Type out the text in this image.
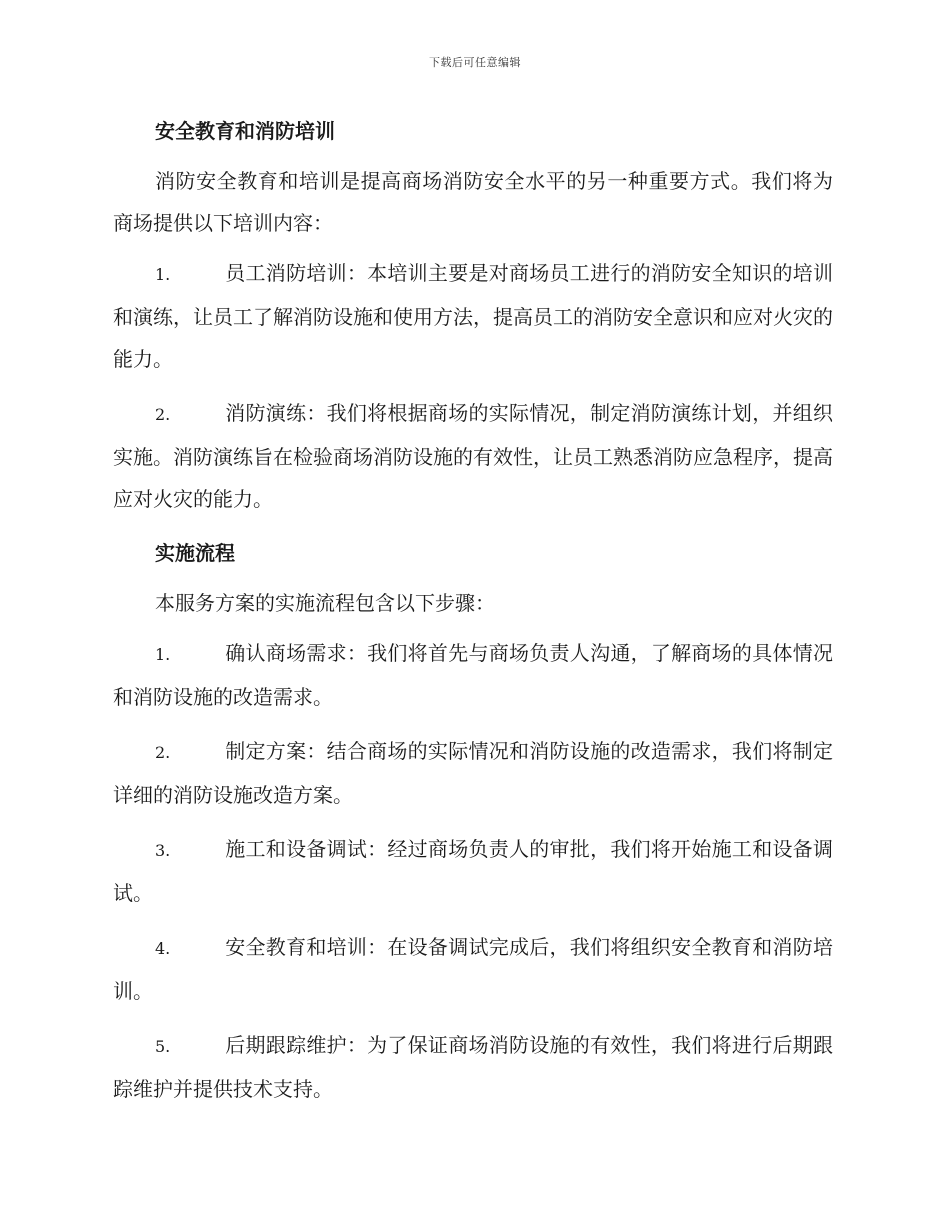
下载后可任意编辑
安全教育和消防培训

消防安全教育和培训是提高商场消防安全水平的另一种重要方式。我们将为商场提供以下培训内容：

1.	员工消防培训：本培训主要是对商场员工进行的消防安全知识的培训和演练，让员工了解消防设施和使用方法，提高员工的消防安全意识和应对火灾的能力。
2.	消防演练：我们将根据商场的实际情况，制定消防演练计划，并组织实施。消防演练旨在检验商场消防设施的有效性，让员工熟悉消防应急程序，提高应对火灾的能力。
实施流程

本服务方案的实施流程包含以下步骤：

1.	确认商场需求：我们将首先与商场负责人沟通，了解商场的具体情况和消防设施的改造需求。
2.	制定方案：结合商场的实际情况和消防设施的改造需求，我们将制定详细的消防设施改造方案。
3.	施工和设备调试：经过商场负责人的审批，我们将开始施工和设备调试。
4.	安全教育和培训：在设备调试完成后，我们将组织安全教育和消防培训。
5.	后期跟踪维护：为了保证商场消防设施的有效性，我们将进行后期跟踪维护并提供技术支持。
